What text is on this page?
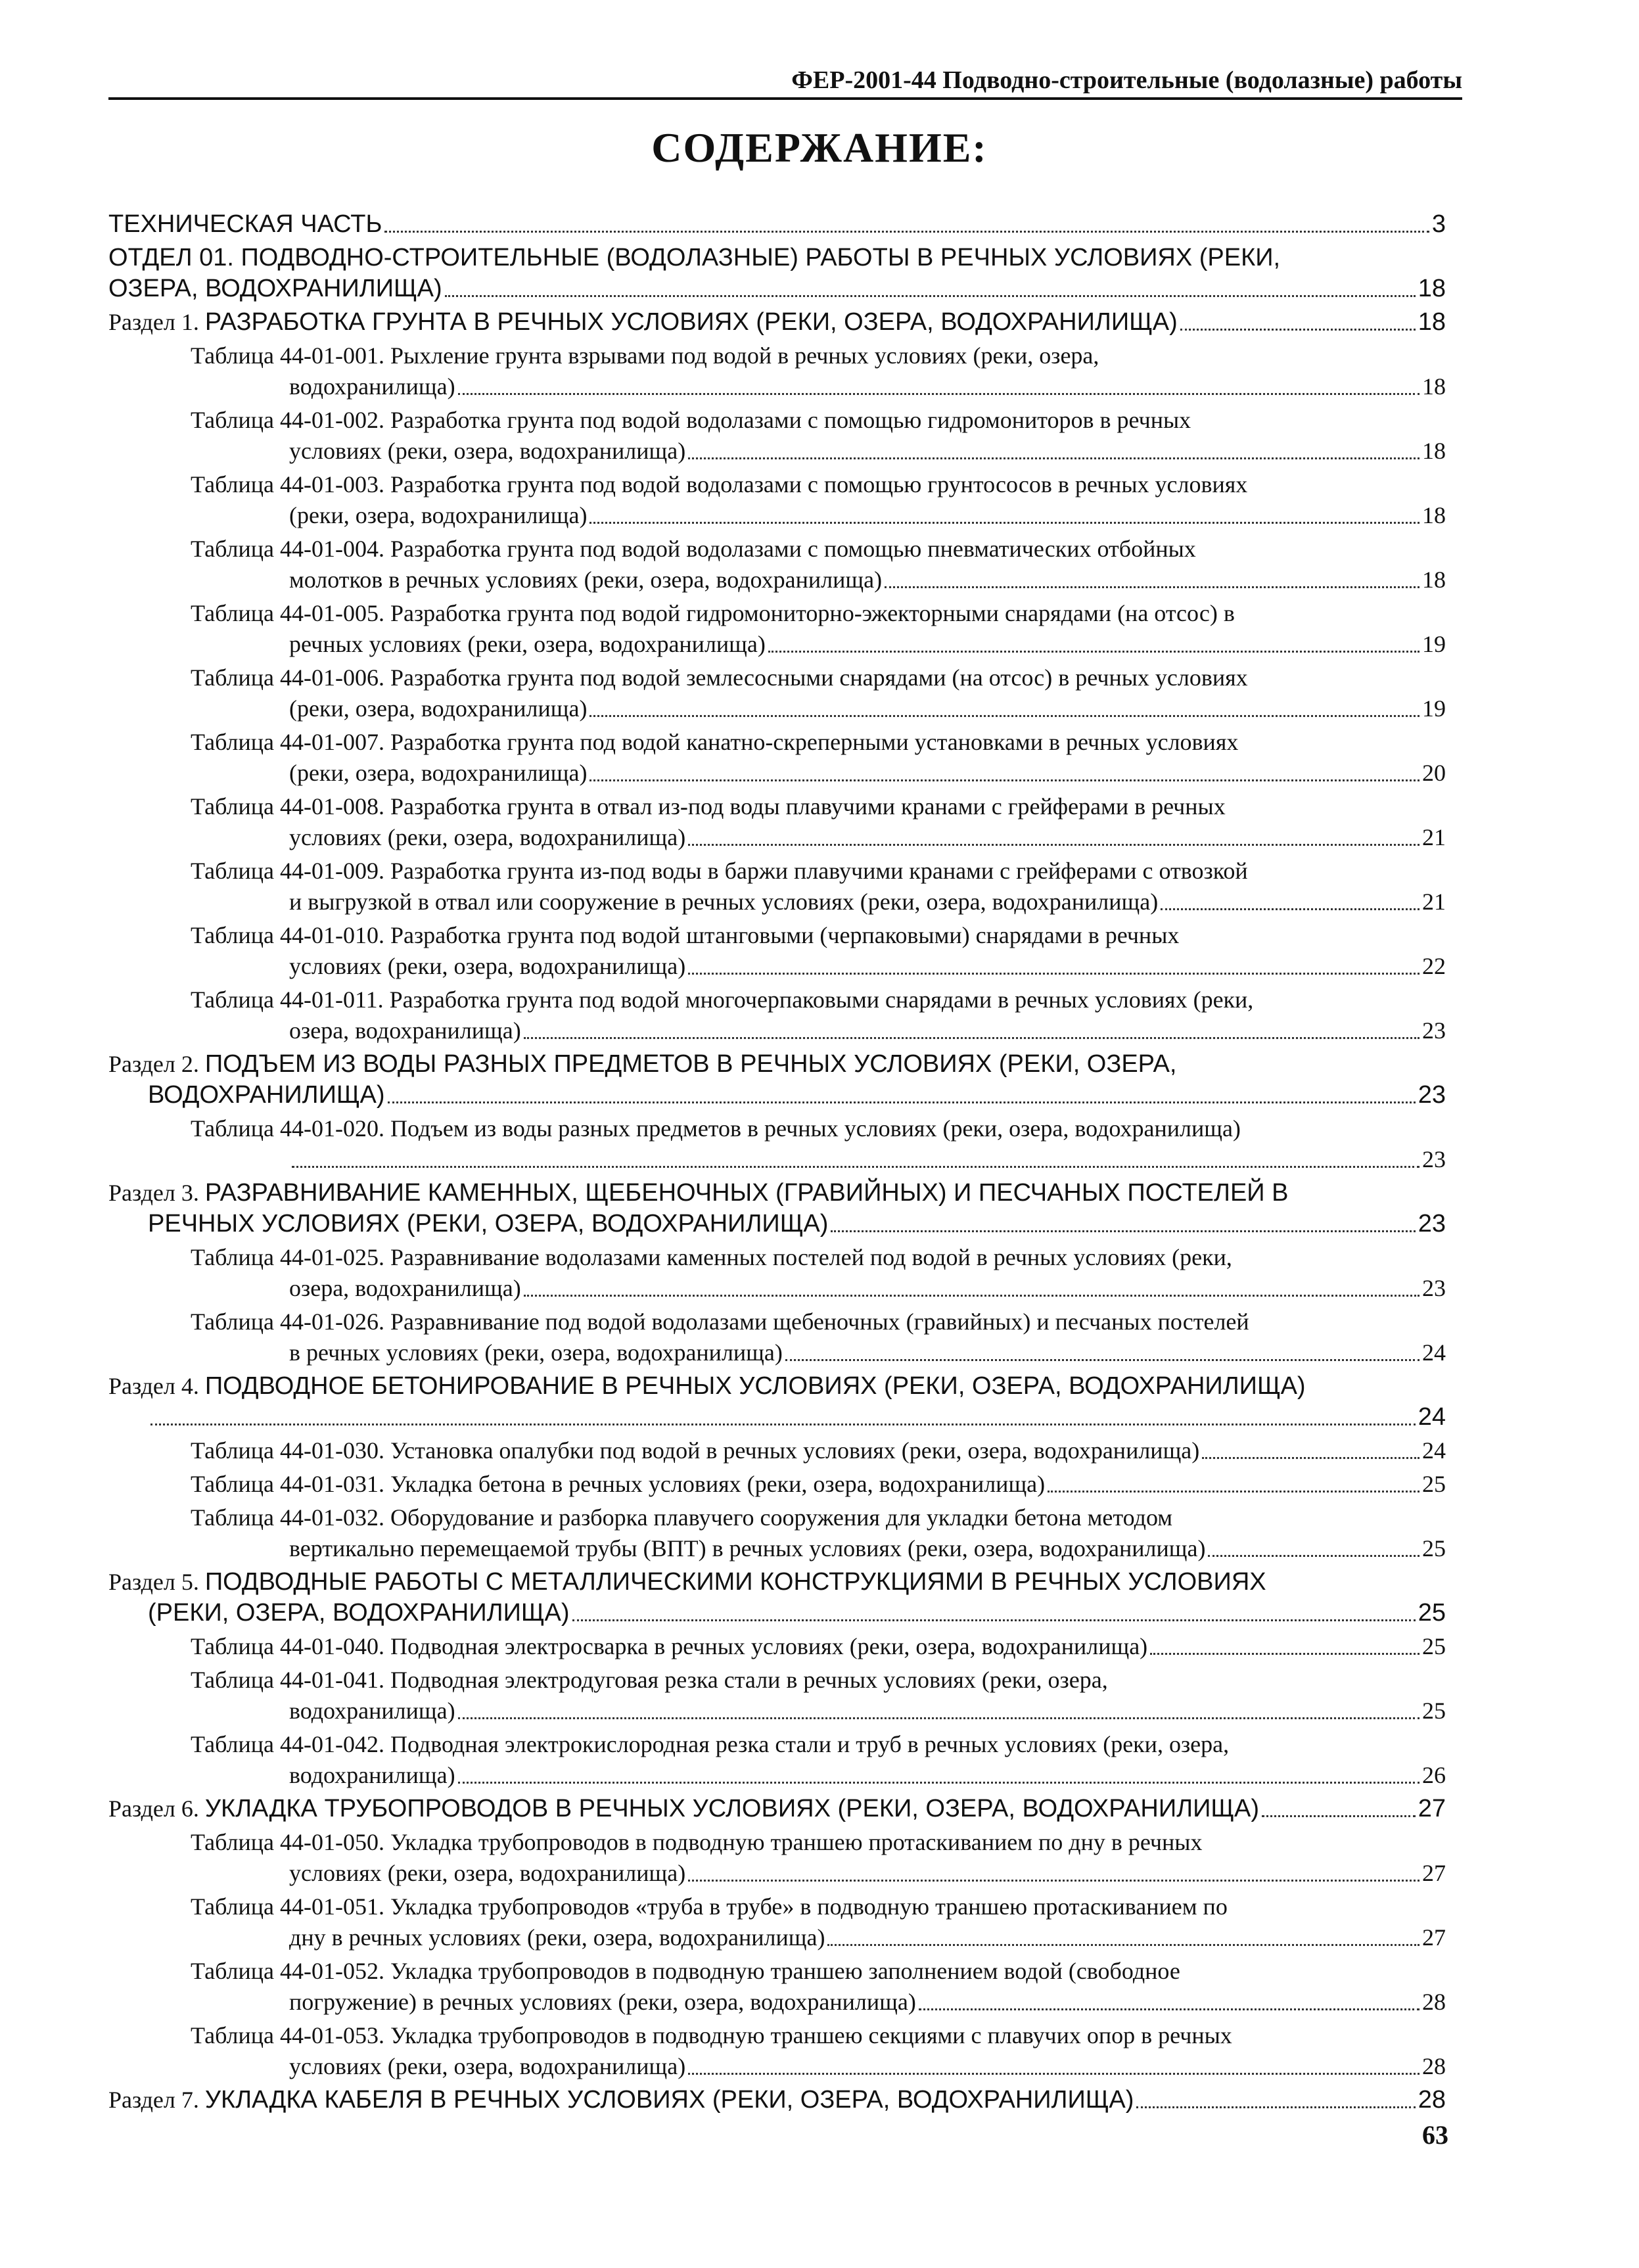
ФЕР-2001-44 Подводно-строительные (водолазные) работы
СОДЕРЖАНИЕ:
ТЕХНИЧЕСКАЯ ЧАСТЬ	3
ОТДЕЛ 01. ПОДВОДНО-СТРОИТЕЛЬНЫЕ (ВОДОЛАЗНЫЕ) РАБОТЫ В РЕЧНЫХ УСЛОВИЯХ (РЕКИ,
ОЗЕРА, ВОДОХРАНИЛИЩА)	18
Раздел 1. РАЗРАБОТКА ГРУНТА В РЕЧНЫХ УСЛОВИЯХ (РЕКИ, ОЗЕРА, ВОДОХРАНИЛИЩА)	18
Таблица 44-01-001. Рыхление грунта взрывами под водой в речных условиях (реки, озера,
водохранилища)	18
Таблица 44-01-002. Разработка грунта под водой водолазами с помощью гидромониторов в речных
условиях (реки, озера, водохранилища)	18
Таблица 44-01-003. Разработка грунта под водой водолазами с помощью грунтососов в речных условиях
(реки, озера, водохранилища)	18
Таблица 44-01-004. Разработка грунта под водой водолазами с помощью пневматических отбойных
молотков в речных условиях (реки, озера, водохранилища)	18
Таблица 44-01-005. Разработка грунта под водой гидромониторно-эжекторными снарядами (на отсос) в
речных условиях (реки, озера, водохранилища)	19
Таблица 44-01-006. Разработка грунта под водой землесосными снарядами (на отсос) в речных условиях
(реки, озера, водохранилища)	19
Таблица 44-01-007. Разработка грунта под водой канатно-скреперными установками в речных условиях
(реки, озера, водохранилища)	20
Таблица 44-01-008. Разработка грунта в отвал из-под воды плавучими кранами с грейферами в речных
условиях (реки, озера, водохранилища)	21
Таблица 44-01-009. Разработка грунта из-под воды в баржи плавучими кранами с грейферами с отвозкой
и выгрузкой в отвал или сооружение в речных условиях (реки, озера, водохранилища)	21
Таблица 44-01-010. Разработка грунта под водой штанговыми (черпаковыми) снарядами в речных
условиях (реки, озера, водохранилища)	22
Таблица 44-01-011. Разработка грунта под водой многочерпаковыми снарядами в речных условиях (реки,
озера, водохранилища)	23
Раздел 2. ПОДЪЕМ ИЗ ВОДЫ РАЗНЫХ ПРЕДМЕТОВ В РЕЧНЫХ УСЛОВИЯХ (РЕКИ, ОЗЕРА,
ВОДОХРАНИЛИЩА)	23
Таблица 44-01-020. Подъем из воды разных предметов в речных условиях (реки, озера, водохранилища)
23
Раздел 3. РАЗРАВНИВАНИЕ КАМЕННЫХ, ЩЕБЕНОЧНЫХ (ГРАВИЙНЫХ) И ПЕСЧАНЫХ ПОСТЕЛЕЙ В
РЕЧНЫХ УСЛОВИЯХ (РЕКИ, ОЗЕРА, ВОДОХРАНИЛИЩА)	23
Таблица 44-01-025. Разравнивание водолазами каменных постелей под водой в речных условиях (реки,
озера, водохранилища)	23
Таблица 44-01-026. Разравнивание под водой водолазами щебеночных (гравийных) и песчаных постелей
в речных условиях (реки, озера, водохранилища)	24
Раздел 4. ПОДВОДНОЕ БЕТОНИРОВАНИЕ В РЕЧНЫХ УСЛОВИЯХ (РЕКИ, ОЗЕРА, ВОДОХРАНИЛИЩА)
24
Таблица 44-01-030. Установка опалубки под водой в речных условиях (реки, озера, водохранилища)	24
Таблица 44-01-031. Укладка бетона в речных условиях (реки, озера, водохранилища)	25
Таблица 44-01-032. Оборудование и разборка плавучего сооружения для укладки бетона методом
вертикально перемещаемой трубы (ВПТ) в речных условиях (реки, озера, водохранилища)	25
Раздел 5. ПОДВОДНЫЕ РАБОТЫ С МЕТАЛЛИЧЕСКИМИ КОНСТРУКЦИЯМИ В РЕЧНЫХ УСЛОВИЯХ
(РЕКИ, ОЗЕРА, ВОДОХРАНИЛИЩА)	25
Таблица 44-01-040. Подводная электросварка в речных условиях (реки, озера, водохранилища)	25
Таблица 44-01-041. Подводная электродуговая резка стали в речных условиях (реки, озера,
водохранилища)	25
Таблица 44-01-042. Подводная электрокислородная резка стали и труб в речных условиях (реки, озера,
водохранилища)	26
Раздел 6. УКЛАДКА ТРУБОПРОВОДОВ В РЕЧНЫХ УСЛОВИЯХ (РЕКИ, ОЗЕРА, ВОДОХРАНИЛИЩА)	27
Таблица 44-01-050. Укладка трубопроводов в подводную траншею протаскиванием по дну в речных
условиях (реки, озера, водохранилища)	27
Таблица 44-01-051. Укладка трубопроводов «труба в трубе» в подводную траншею протаскиванием по
дну в речных условиях (реки, озера, водохранилища)	27
Таблица 44-01-052. Укладка трубопроводов в подводную траншею заполнением водой (свободное
погружение) в речных условиях (реки, озера, водохранилища)	28
Таблица 44-01-053. Укладка трубопроводов в подводную траншею секциями с плавучих опор в речных
условиях (реки, озера, водохранилища)	28
Раздел 7. УКЛАДКА КАБЕЛЯ В РЕЧНЫХ УСЛОВИЯХ (РЕКИ, ОЗЕРА, ВОДОХРАНИЛИЩА)	28
63
